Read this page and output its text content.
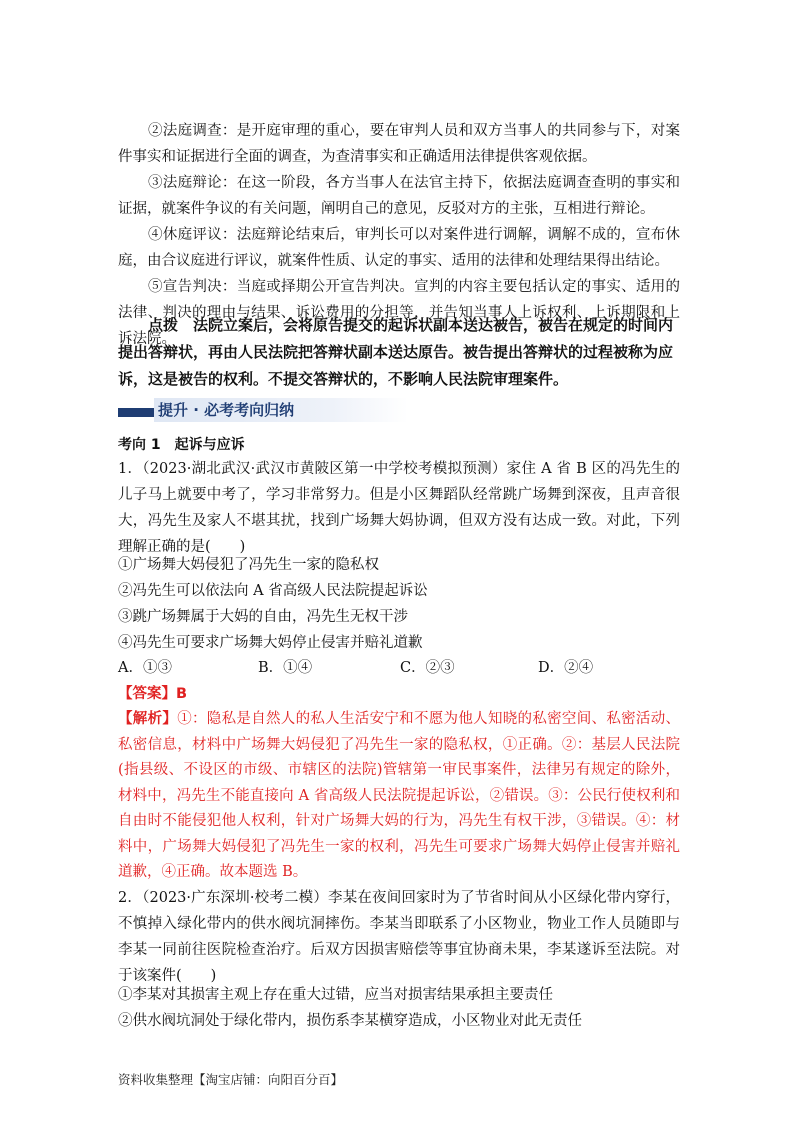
②法庭调查：是开庭审理的重心，要在审判人员和双方当事人的共同参与下，对案件事实和证据进行全面的调查，为查清事实和正确适用法律提供客观依据。

③法庭辩论：在这一阶段，各方当事人在法官主持下，依据法庭调查查明的事实和证据，就案件争议的有关问题，阐明自己的意见，反驳对方的主张，互相进行辩论。

④休庭评议：法庭辩论结束后，审判长可以对案件进行调解，调解不成的，宣布休庭，由合议庭进行评议，就案件性质、认定的事实、适用的法律和处理结果得出结论。

⑤宣告判决：当庭或择期公开宣告判决。宣判的内容主要包括认定的事实、适用的法律、判决的理由与结果、诉讼费用的分担等，并告知当事人上诉权利、上诉期限和上诉法院。

点拨　法院立案后，会将原告提交的起诉状副本送达被告，被告在规定的时间内提出答辩状，再由人民法院把答辩状副本送达原告。被告提出答辩状的过程被称为应诉，这是被告的权利。不提交答辩状的，不影响人民法院审理案件。

提升 · 必考考向归纳
考向 1　起诉与应诉

1．（2023·湖北武汉·武汉市黄陂区第一中学校考模拟预测）家住 A 省 B 区的冯先生的儿子马上就要中考了，学习非常努力。但是小区舞蹈队经常跳广场舞到深夜，且声音很大，冯先生及家人不堪其扰，找到广场舞大妈协调，但双方没有达成一致。对此，下列理解正确的是(　　)

①广场舞大妈侵犯了冯先生一家的隐私权
②冯先生可以依法向 A 省高级人民法院提起诉讼
③跳广场舞属于大妈的自由，冯先生无权干涉
④冯先生可要求广场舞大妈停止侵害并赔礼道歉
A．①③	B．①④	C．②③	D．②④
【答案】B

【解析】①：隐私是自然人的私人生活安宁和不愿为他人知晓的私密空间、私密活动、私密信息，材料中广场舞大妈侵犯了冯先生一家的隐私权，①正确。②：基层人民法院(指县级、不设区的市级、市辖区的法院)管辖第一审民事案件，法律另有规定的除外，材料中，冯先生不能直接向 A 省高级人民法院提起诉讼，②错误。③：公民行使权利和自由时不能侵犯他人权利，针对广场舞大妈的行为，冯先生有权干涉，③错误。④：材料中，广场舞大妈侵犯了冯先生一家的权利，冯先生可要求广场舞大妈停止侵害并赔礼道歉，④正确。故本题选 B。

2．（2023·广东深圳·校考二模）李某在夜间回家时为了节省时间从小区绿化带内穿行，不慎掉入绿化带内的供水阀坑洞摔伤。李某当即联系了小区物业，物业工作人员随即与李某一同前往医院检查治疗。后双方因损害赔偿等事宜协商未果，李某遂诉至法院。对于该案件(　　)

①李某对其损害主观上存在重大过错，应当对损害结果承担主要责任
②供水阀坑洞处于绿化带内，损伤系李某横穿造成，小区物业对此无责任
资料收集整理【淘宝店铺：向阳百分百】
